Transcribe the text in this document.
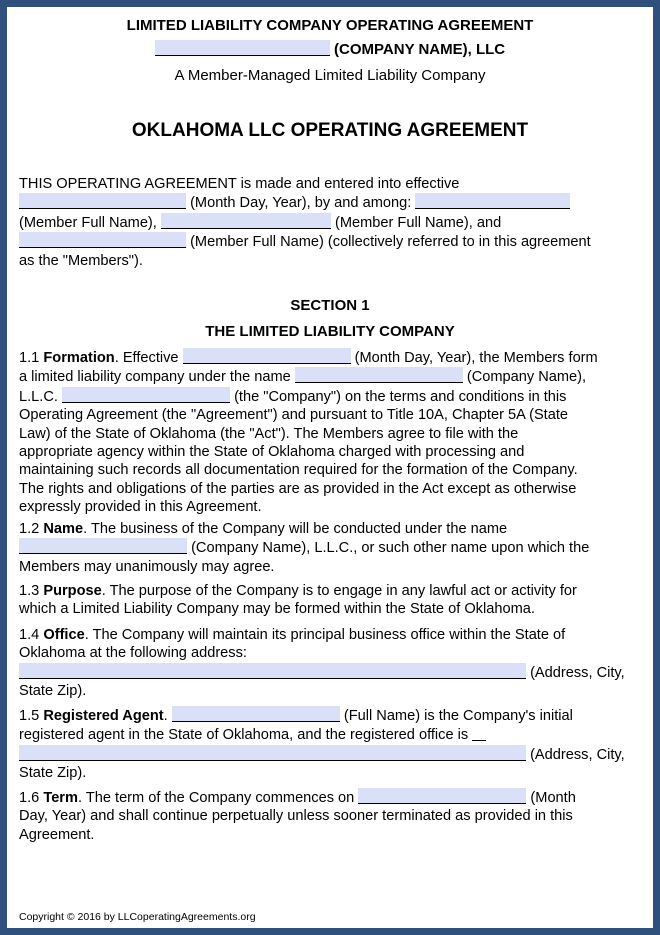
LIMITED LIABILITY COMPANY OPERATING AGREEMENT
(COMPANY NAME), LLC
A Member-Managed Limited Liability Company
OKLAHOMA LLC OPERATING AGREEMENT
THIS OPERATING AGREEMENT is made and entered into effective
(Month Day, Year), by and among:
(Member Full Name),	(Member Full Name), and
(Member Full Name) (collectively referred to in this agreement
as the "Members").
SECTION 1
THE LIMITED LIABILITY COMPANY
1.1 Formation. Effective	(Month Day, Year), the Members form
a limited liability company under the name	(Company Name),
L.L.C.	(the "Company") on the terms and conditions in this
Operating Agreement (the "Agreement") and pursuant to Title 10A, Chapter 5A (State
Law) of the State of Oklahoma (the "Act"). The Members agree to file with the
appropriate agency within the State of Oklahoma charged with processing and
maintaining such records all documentation required for the formation of the Company.
The rights and obligations of the parties are as provided in the Act except as otherwise
expressly provided in this Agreement.
1.2 Name. The business of the Company will be conducted under the name
(Company Name), L.L.C., or such other name upon which the
Members may unanimously may agree.
1.3 Purpose. The purpose of the Company is to engage in any lawful act or activity for
which a Limited Liability Company may be formed within the State of Oklahoma.
1.4 Office. The Company will maintain its principal business office within the State of
Oklahoma at the following address:
(Address, City,
State Zip).
1.5 Registered Agent.	(Full Name) is the Company's initial
registered agent in the State of Oklahoma, and the registered office is
(Address, City,
State Zip).
1.6 Term. The term of the Company commences on	(Month
Day, Year) and shall continue perpetually unless sooner terminated as provided in this
Agreement.
Copyright © 2016 by LLCoperatingAgreements.org
